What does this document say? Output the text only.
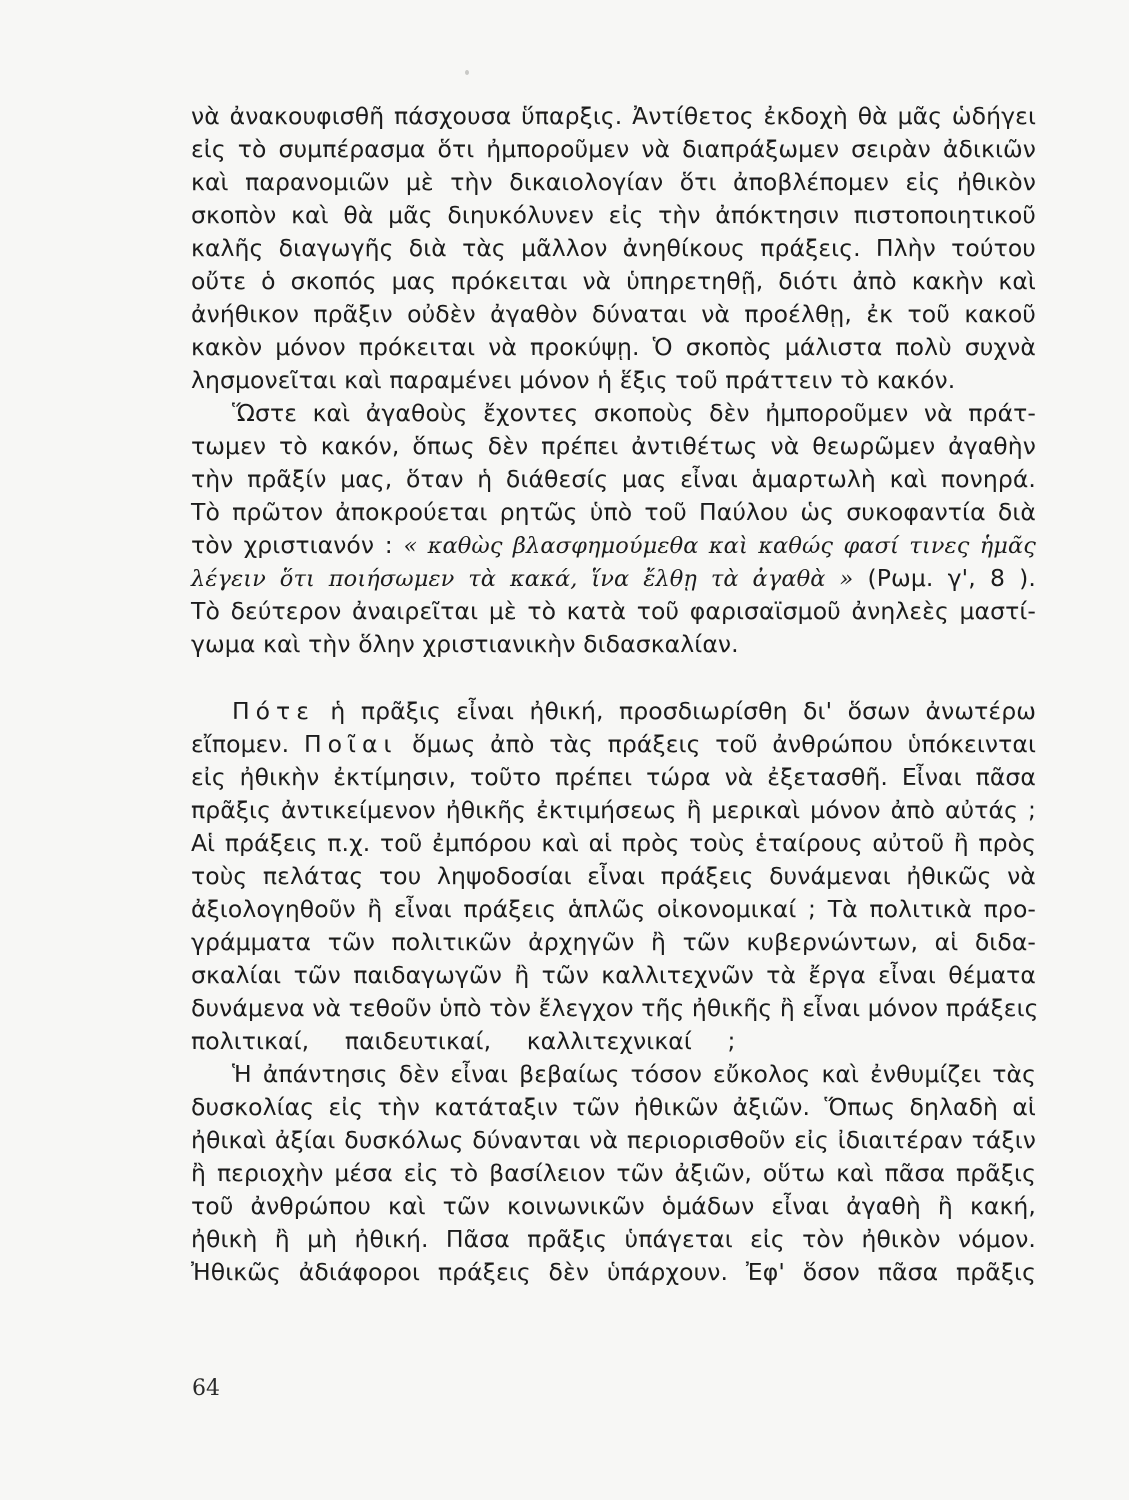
νὰ ἀνακουφισθῆ πάσχουσα ὕπαρξις. Ἀντίθετος ἐκδοχὴ θὰ μᾶς ὡδήγει
εἰς τὸ συμπέρασμα ὅτι ἠμποροῦμεν νὰ διαπράξωμεν σειρὰν ἀδικιῶν
καὶ παρανομιῶν μὲ τὴν δικαιολογίαν ὅτι ἀποβλέπομεν εἰς ἠθικὸν
σκοπὸν καὶ θὰ μᾶς διηυκόλυνεν εἰς τὴν ἀπόκτησιν πιστοποιητικοῦ
καλῆς διαγωγῆς διὰ τὰς μᾶλλον ἀνηθίκους πράξεις. Πλὴν τούτου
οὔτε ὁ σκοπός μας πρόκειται νὰ ὑπηρετηθῇ, διότι ἀπὸ κακὴν καὶ
ἀνήθικον πρᾶξιν οὐδὲν ἀγαθὸν δύναται νὰ προέλθῃ, ἐκ τοῦ κακοῦ
κακὸν μόνον πρόκειται νὰ προκύψῃ. Ὁ σκοπὸς μάλιστα πολὺ συχνὰ
λησμονεῖται καὶ παραμένει μόνον ἡ ἕξις τοῦ πράττειν τὸ κακόν.
Ὥστε καὶ ἀγαθοὺς ἔχοντες σκοποὺς δὲν ἠμποροῦμεν νὰ πράτ-
τωμεν τὸ κακόν, ὅπως δὲν πρέπει ἀντιθέτως νὰ θεωρῶμεν ἀγαθὴν
τὴν πρᾶξίν μας, ὅταν ἡ διάθεσίς μας εἶναι ἁμαρτωλὴ καὶ πονηρά.
Τὸ πρῶτον ἀποκρούεται ρητῶς ὑπὸ τοῦ Παύλου ὡς συκοφαντία διὰ
τὸν χριστιανόν : « καθὼς βλασφημούμεθα καὶ καθώς φασί τινες ἡμᾶς
λέγειν ὅτι ποιήσωμεν τὰ κακά, ἵνα ἔλθῃ τὰ ἀγαθὰ » (Ρωμ. γ', 8 ).
Τὸ δεύτερον ἀναιρεῖται μὲ τὸ κατὰ τοῦ φαρισαϊσμοῦ ἀνηλεὲς μαστί-
γωμα καὶ τὴν ὅλην χριστιανικὴν διδασκαλίαν.
Πότε ἡ πρᾶξις εἶναι ἠθική, προσδιωρίσθη δι' ὅσων ἀνωτέρω
εἴπομεν. Ποῖαι ὅμως ἀπὸ τὰς πράξεις τοῦ ἀνθρώπου ὑπόκεινται
εἰς ἠθικὴν ἐκτίμησιν, τοῦτο πρέπει τώρα νὰ ἐξετασθῆ. Εἶναι πᾶσα
πρᾶξις ἀντικείμενον ἠθικῆς ἐκτιμήσεως ἢ μερικαὶ μόνον ἀπὸ αὐτάς ;
Αἱ πράξεις π.χ. τοῦ ἐμπόρου καὶ αἱ πρὸς τοὺς ἑταίρους αὐτοῦ ἢ πρὸς
τοὺς πελάτας του ληψοδοσίαι εἶναι πράξεις δυνάμεναι ἠθικῶς νὰ
ἀξιολογηθοῦν ἢ εἶναι πράξεις ἁπλῶς οἰκονομικαί ; Τὰ πολιτικὰ προ-
γράμματα τῶν πολιτικῶν ἀρχηγῶν ἢ τῶν κυβερνώντων, αἱ διδα-
σκαλίαι τῶν παιδαγωγῶν ἢ τῶν καλλιτεχνῶν τὰ ἔργα εἶναι θέματα
δυνάμενα νὰ τεθοῦν ὑπὸ τὸν ἔλεγχον τῆς ἠθικῆς ἢ εἶναι μόνον πράξεις
πολιτικαί, παιδευτικαί, καλλιτεχνικαί ;
Ἡ ἀπάντησις δὲν εἶναι βεβαίως τόσον εὔκολος καὶ ἐνθυμίζει τὰς
δυσκολίας εἰς τὴν κατάταξιν τῶν ἠθικῶν ἀξιῶν. Ὅπως δηλαδὴ αἱ
ἠθικαὶ ἀξίαι δυσκόλως δύνανται νὰ περιορισθοῦν εἰς ἰδιαιτέραν τάξιν
ἢ περιοχὴν μέσα εἰς τὸ βασίλειον τῶν ἀξιῶν, οὕτω καὶ πᾶσα πρᾶξις
τοῦ ἀνθρώπου καὶ τῶν κοινωνικῶν ὁμάδων εἶναι ἀγαθὴ ἢ κακή,
ἠθικὴ ἢ μὴ ἠθική. Πᾶσα πρᾶξις ὑπάγεται εἰς τὸν ἠθικὸν νόμον.
Ἠθικῶς ἀδιάφοροι πράξεις δὲν ὑπάρχουν. Ἐφ' ὅσον πᾶσα πρᾶξις
64
